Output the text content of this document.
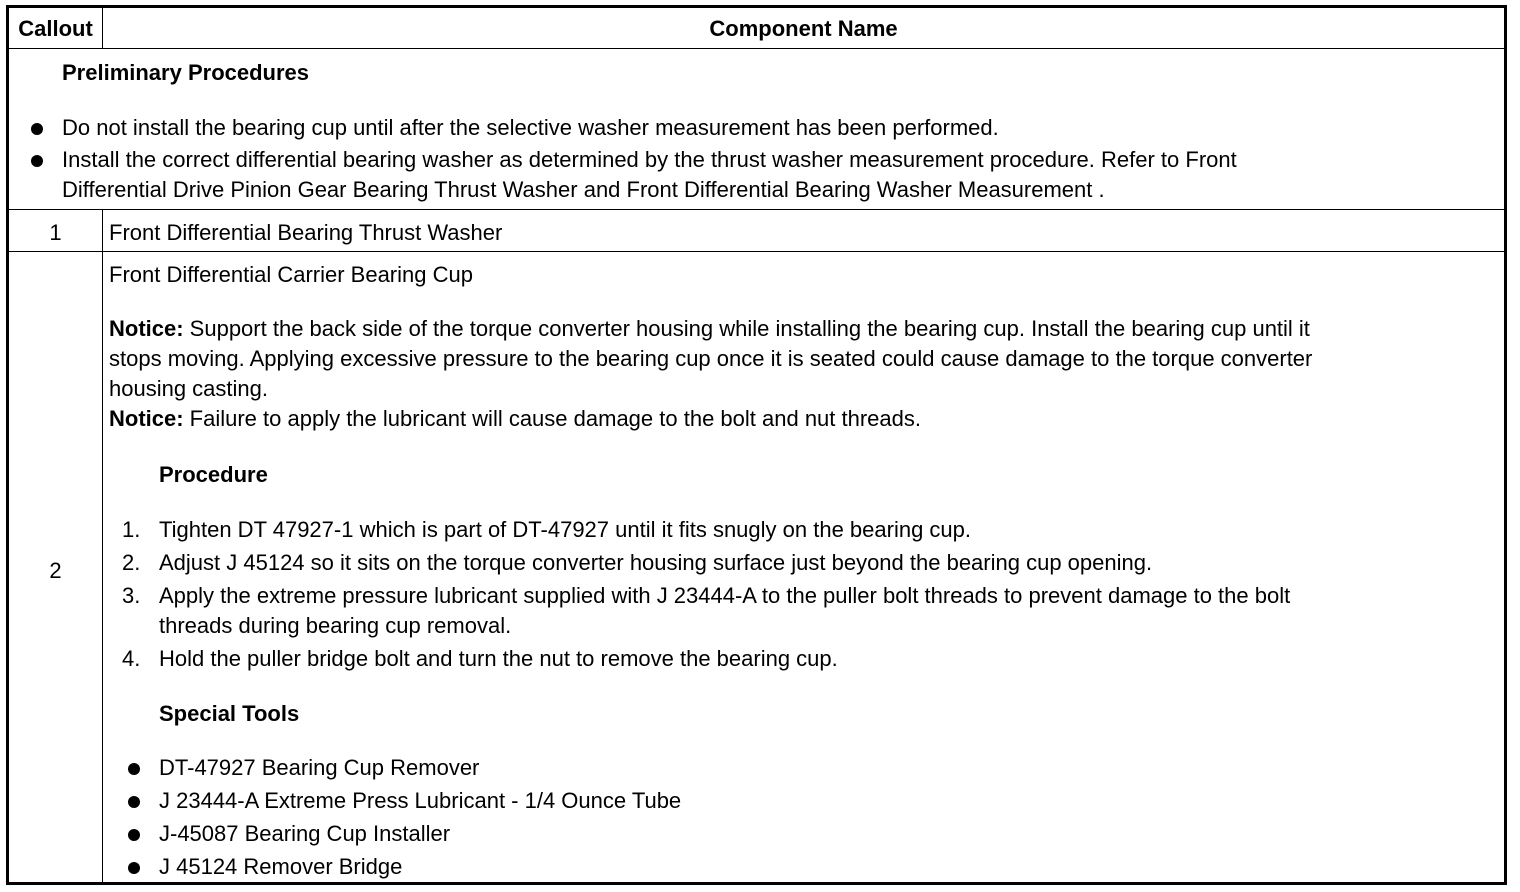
Callout	Component Name
Preliminary Procedures
Do not install the bearing cup until after the selective washer measurement has been performed.
Install the correct differential bearing washer as determined by the thrust washer measurement procedure. Refer to Front
Differential Drive Pinion Gear Bearing Thrust Washer and Front Differential Bearing Washer Measurement .
1	Front Differential Bearing Thrust Washer
2
Front Differential Carrier Bearing Cup
Notice: Support the back side of the torque converter housing while installing the bearing cup. Install the bearing cup until it
stops moving. Applying excessive pressure to the bearing cup once it is seated could cause damage to the torque converter
housing casting.
Notice: Failure to apply the lubricant will cause damage to the bolt and nut threads.
Procedure
1. Tighten DT 47927-1 which is part of DT-47927 until it fits snugly on the bearing cup.
2. Adjust J 45124 so it sits on the torque converter housing surface just beyond the bearing cup opening.
3. Apply the extreme pressure lubricant supplied with J 23444-A to the puller bolt threads to prevent damage to the bolt
threads during bearing cup removal.
4. Hold the puller bridge bolt and turn the nut to remove the bearing cup.
Special Tools
DT-47927 Bearing Cup Remover
J 23444-A Extreme Press Lubricant - 1/4 Ounce Tube
J-45087 Bearing Cup Installer
J 45124 Remover Bridge
